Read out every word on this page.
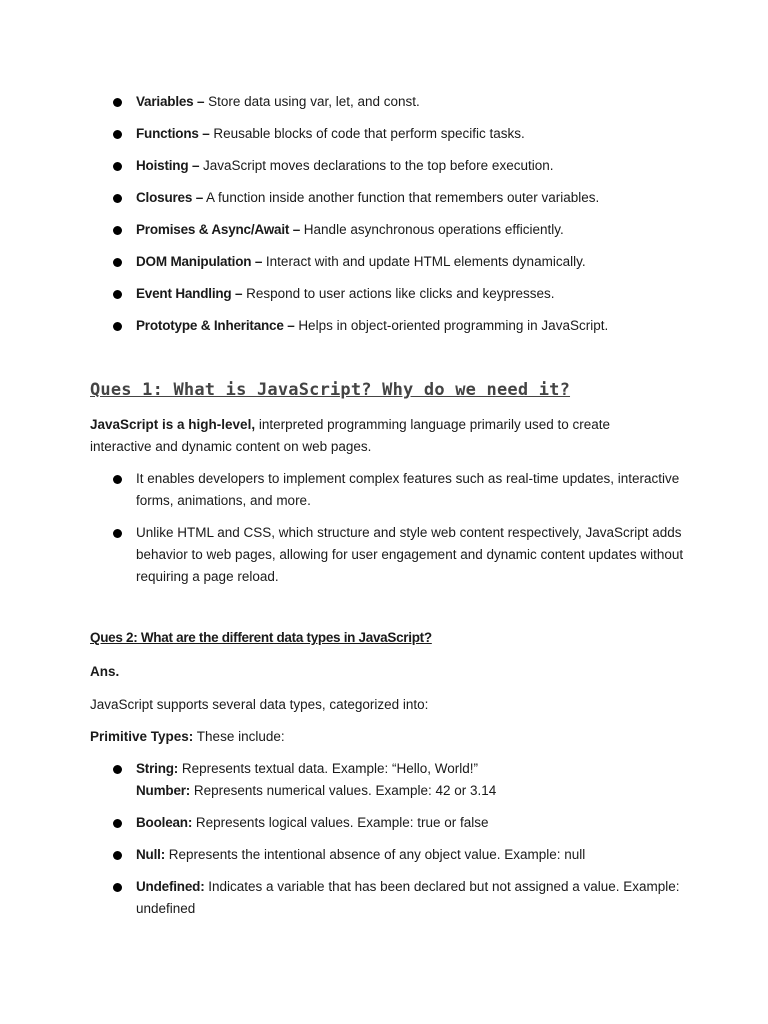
Variables – Store data using var, let, and const.
Functions – Reusable blocks of code that perform specific tasks.
Hoisting – JavaScript moves declarations to the top before execution.
Closures – A function inside another function that remembers outer variables.
Promises & Async/Await – Handle asynchronous operations efficiently.
DOM Manipulation – Interact with and update HTML elements dynamically.
Event Handling – Respond to user actions like clicks and keypresses.
Prototype & Inheritance – Helps in object-oriented programming in JavaScript.
Ques 1: What is JavaScript? Why do we need it?

JavaScript is a high-level, interpreted programming language primarily used to create interactive and dynamic content on web pages.

It enables developers to implement complex features such as real-time updates, interactive forms, animations, and more.
Unlike HTML and CSS, which structure and style web content respectively, JavaScript adds behavior to web pages, allowing for user engagement and dynamic content updates without requiring a page reload.
Ques 2: What are the different data types in JavaScript?

Ans.

JavaScript supports several data types, categorized into:

Primitive Types: These include:

String: Represents textual data. Example: “Hello, World!”
Number: Represents numerical values. Example: 42 or 3.14
Boolean: Represents logical values. Example: true or false
Null: Represents the intentional absence of any object value. Example: null
Undefined: Indicates a variable that has been declared but not assigned a value. Example: undefined
